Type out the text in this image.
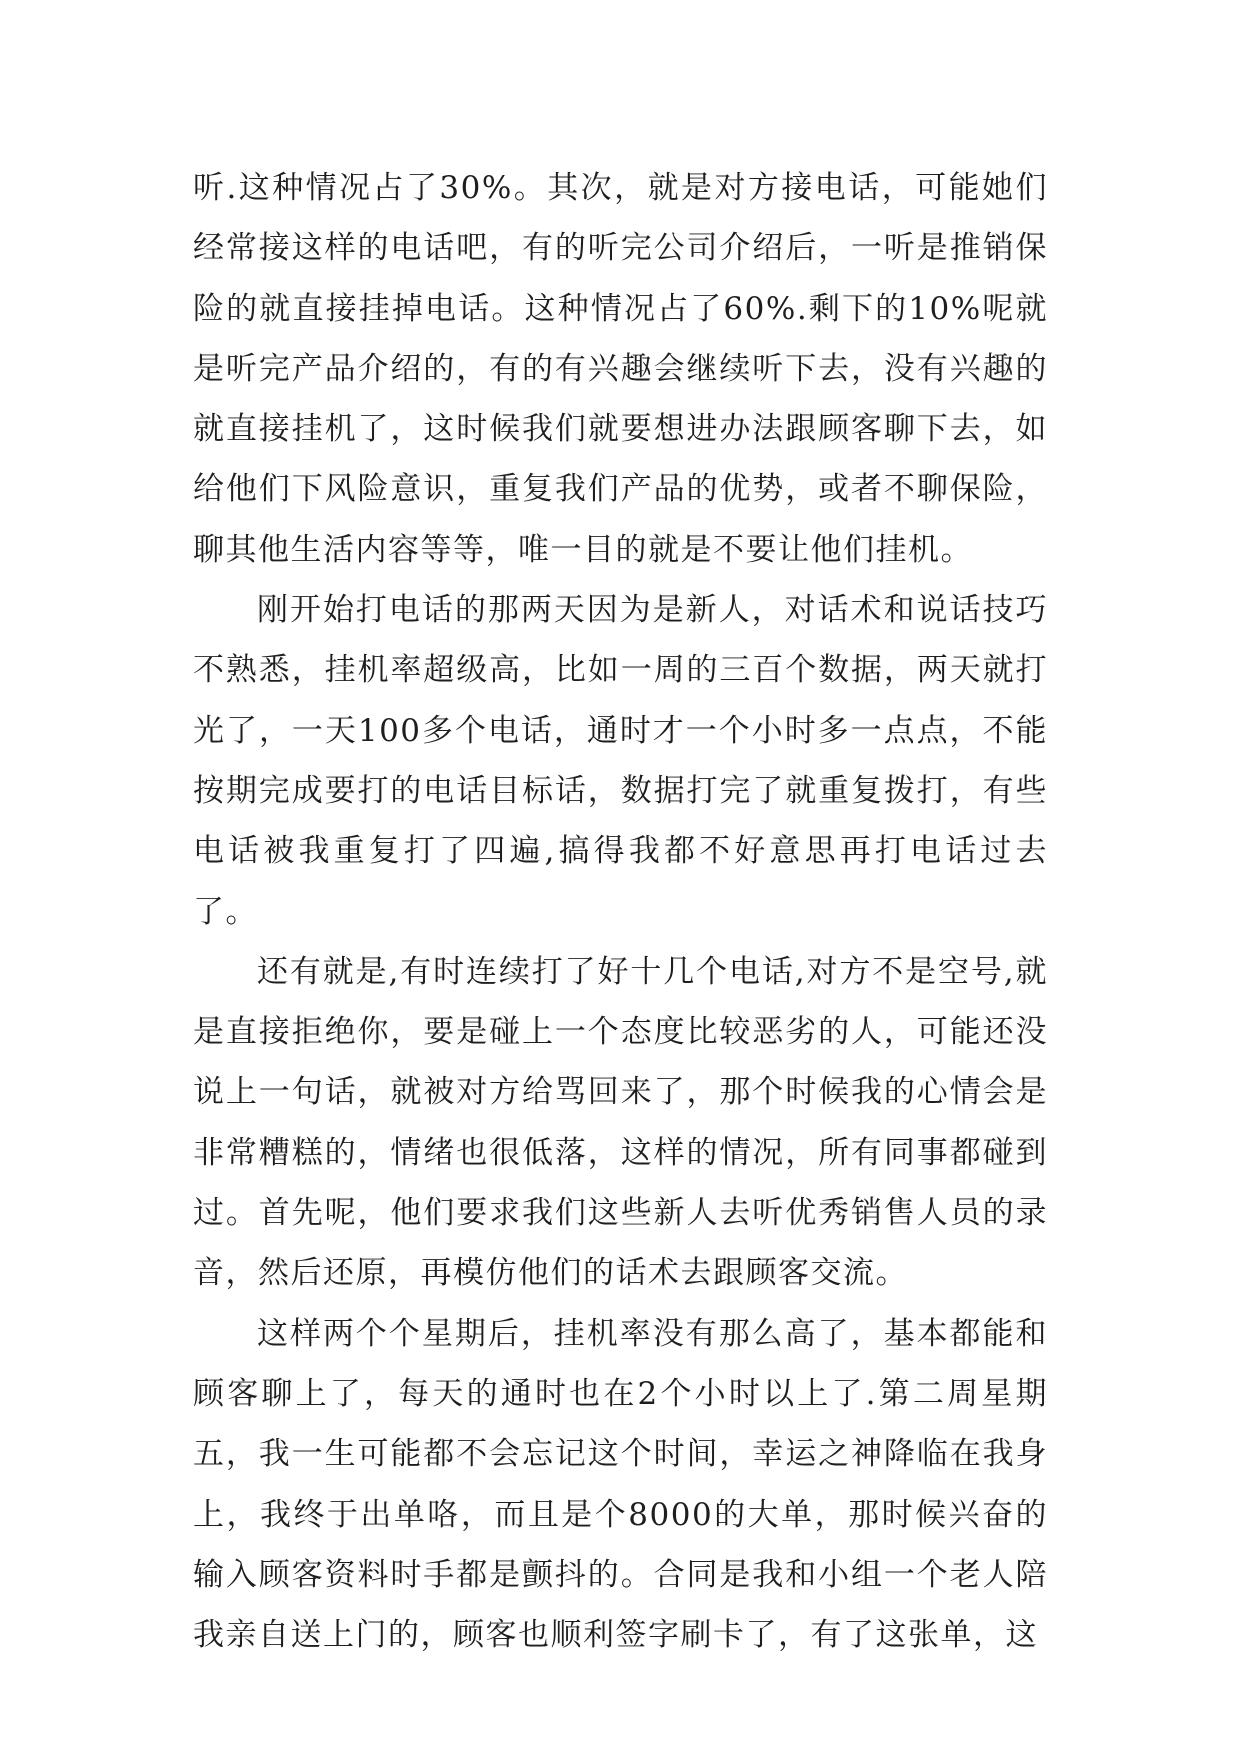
听.这种情况占了30%。其次，就是对方接电话，可能她们经常接这样的电话吧，有的听完公司介绍后，一听是推销保险的就直接挂掉电话。这种情况占了60%.剩下的10%呢就是听完产品介绍的，有的有兴趣会继续听下去，没有兴趣的就直接挂机了，这时候我们就要想进办法跟顾客聊下去，如给他们下风险意识，重复我们产品的优势，或者不聊保险，聊其他生活内容等等，唯一目的就是不要让他们挂机。

刚开始打电话的那两天因为是新人，对话术和说话技巧不熟悉，挂机率超级高，比如一周的三百个数据，两天就打光了，一天100多个电话，通时才一个小时多一点点，不能按期完成要打的电话目标话，数据打完了就重复拨打，有些电话被我重复打了四遍,搞得我都不好意思再打电话过去了。

还有就是,有时连续打了好十几个电话,对方不是空号,就是直接拒绝你，要是碰上一个态度比较恶劣的人，可能还没说上一句话，就被对方给骂回来了，那个时候我的心情会是非常糟糕的，情绪也很低落，这样的情况，所有同事都碰到过。首先呢，他们要求我们这些新人去听优秀销售人员的录音，然后还原，再模仿他们的话术去跟顾客交流。

这样两个个星期后，挂机率没有那么高了，基本都能和顾客聊上了，每天的通时也在2个小时以上了.第二周星期五，我一生可能都不会忘记这个时间，幸运之神降临在我身上，我终于出单咯，而且是个8000的大单，那时候兴奋的输入顾客资料时手都是颤抖的。合同是我和小组一个老人陪我亲自送上门的，顾客也顺利签字刷卡了，有了这张单，这
